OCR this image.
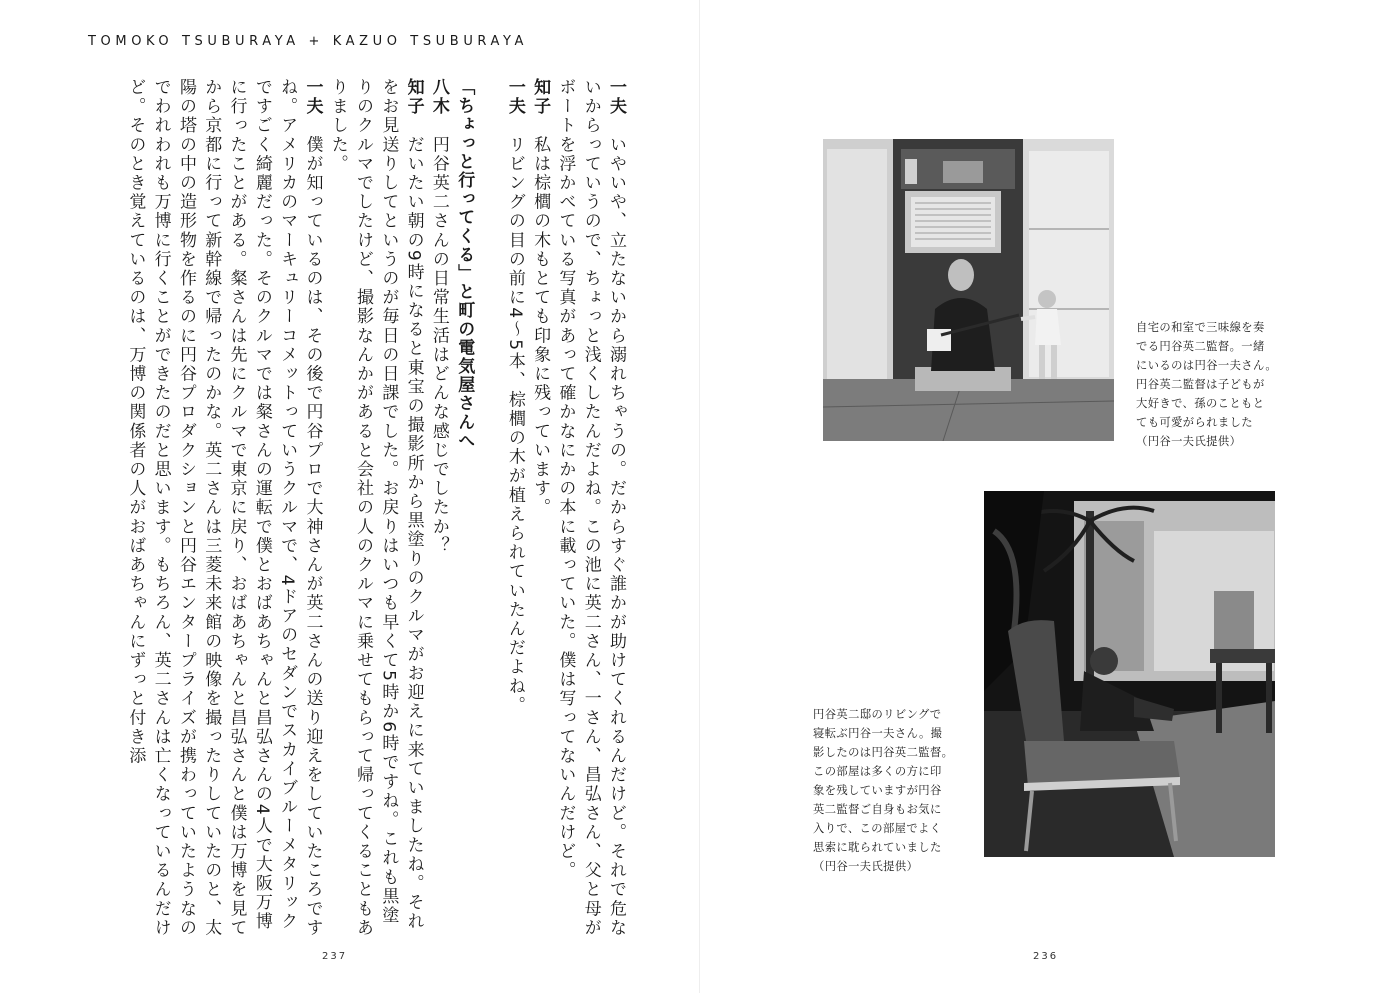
TOMOKO TSUBURAYA + KAZUO TSUBURAYA

一夫　いやいや、立たないから溺れちゃうの。だからすぐ誰かが助けてくれるんだけど。それで危ないからっていうので、ちょっと浅くしたんだよね。この池に英二さん、一さん、昌弘さん、父と母がボートを浮かべている写真があって確かなにかの本に載っていた。僕は写ってないんだけど。

知子　私は棕櫚の木もとても印象に残っています。

一夫　リビングの目の前に4〜5本、棕櫚の木が植えられていたんだよね。

「ちょっと行ってくる」と町の電気屋さんへ

八木　円谷英二さんの日常生活はどんな感じでしたか？

知子　だいたい朝の9時になると東宝の撮影所から黒塗りのクルマがお迎えに来ていましたね。それをお見送りしてというのが毎日の日課でした。お戻りはいつも早くて5時か6時ですね。これも黒塗りのクルマでしたけど、撮影なんかがあると会社の人のクルマに乗せてもらって帰ってくることもありました。

一夫　僕が知っているのは、その後で円谷プロで大神さんが英二さんの送り迎えをしていたころですね。アメリカのマーキュリーコメットっていうクルマで、4ドアのセダンでスカイブルーメタリックですごく綺麗だった。そのクルマでは粲さんの運転で僕とおばあちゃんと昌弘さんの4人で大阪万博に行ったことがある。粲さんは先にクルマで東京に戻り、おばあちゃんと昌弘さんと僕は万博を見てから京都に行って新幹線で帰ったのかな。英二さんは三菱未来館の映像を撮ったりしていたのと、太陽の塔の中の造形物を作るのに円谷プロダクションと円谷エンタープライズが携わっていたようなのでわれわれも万博に行くことができたのだと思います。もちろん、英二さんは亡くなっているんだけど。そのとき覚えているのは、万博の関係者の人がおばあちゃんにずっと付き添

237	236
自宅の和室で三味線を奏
でる円谷英二監督。一緒
にいるのは円谷一夫さん。
円谷英二監督は子どもが
大好きで、孫のこともと
ても可愛がられました
（円谷一夫氏提供）
円谷英二邸のリビングで
寝転ぶ円谷一夫さん。撮
影したのは円谷英二監督。
この部屋は多くの方に印
象を残していますが円谷
英二監督ご自身もお気に
入りで、この部屋でよく
思索に耽られていました
（円谷一夫氏提供）
